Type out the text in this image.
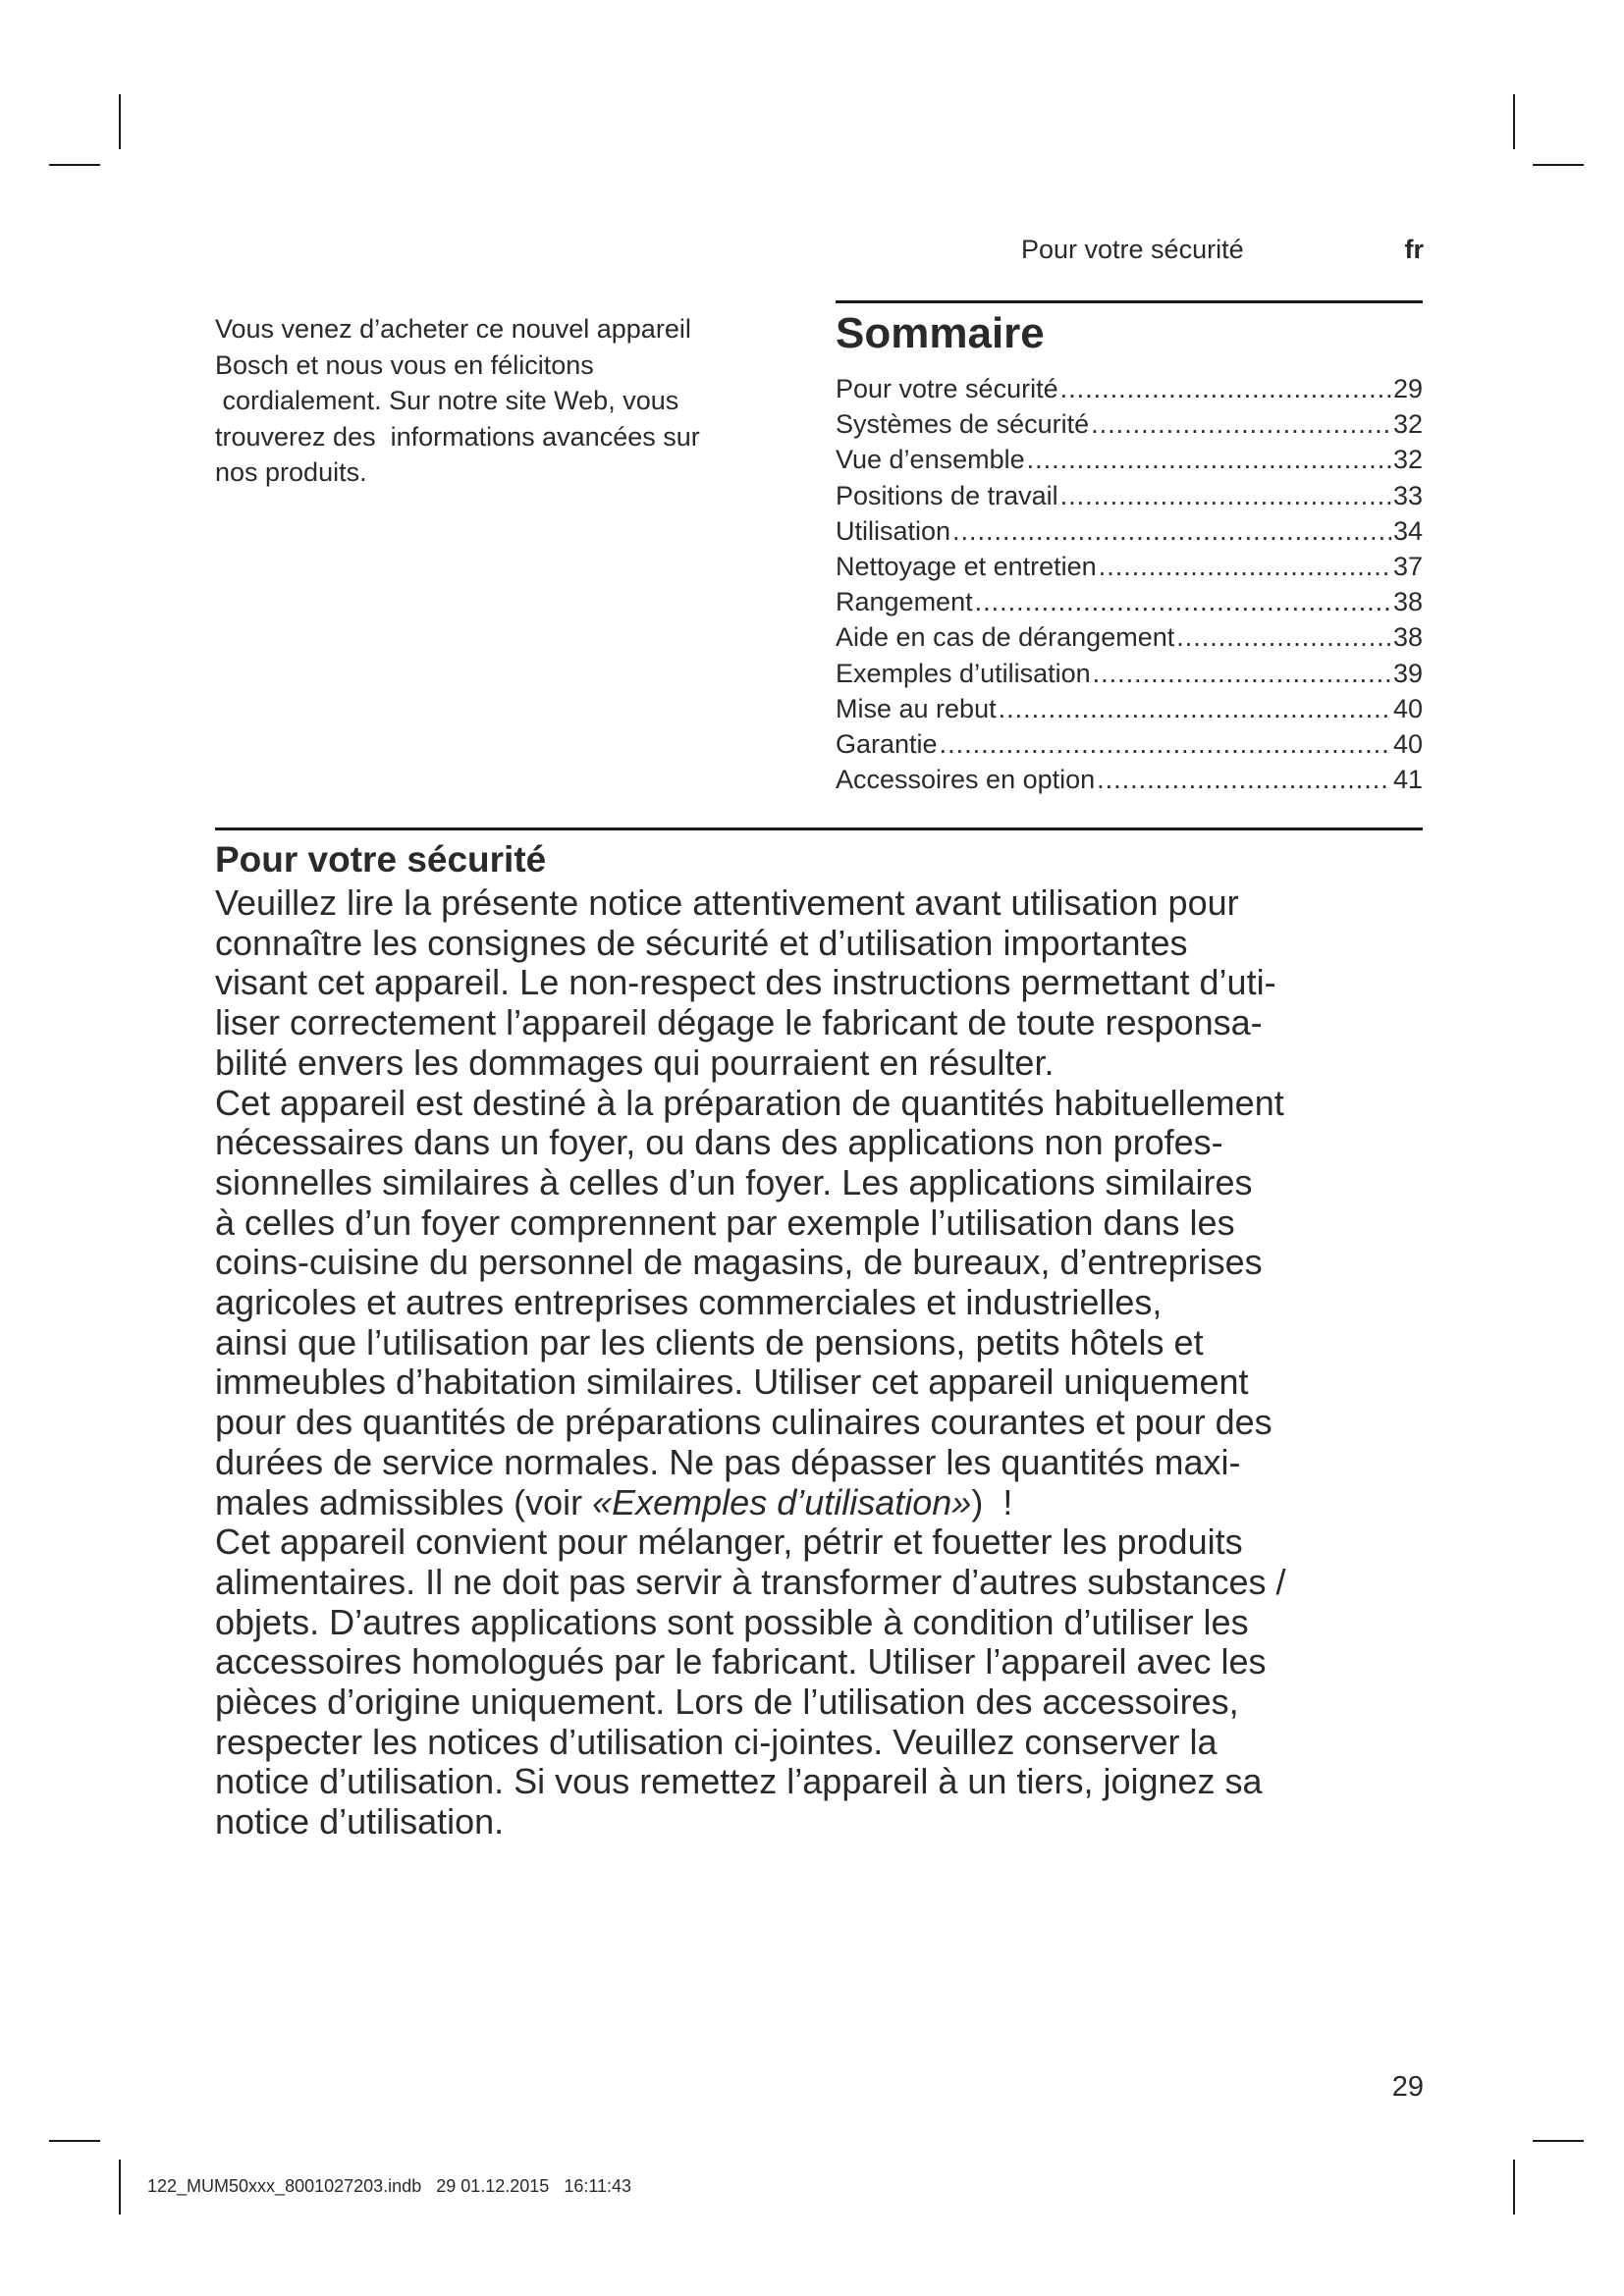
Pour votre sécurité	fr
Vous venez d’acheter ce nouvel appareil
Bosch et nous vous en félicitons
cordialement. Sur notre site Web, vous
trouverez des  informations avancées sur
nos produits.
Sommaire
Pour votre sécurité .....	29
Systèmes de sécurité .....	32
Vue d’ensemble .....	32
Positions de travail .....	33
Utilisation .....	34
Nettoyage et entretien .....	37
Rangement .....	38
Aide en cas de dérangement .....	38
Exemples d’utilisation .....	39
Mise au rebut .....	40
Garantie .....	40
Accessoires en option .....	41
Pour votre sécurité
Veuillez lire la présente notice attentivement avant utilisation pour
connaître les consignes de sécurité et d’utilisation importantes
visant cet appareil. Le non-respect des instructions permettant d’uti-
liser correctement l’appareil dégage le fabricant de toute responsa-
bilité envers les dommages qui pourraient en résulter.
Cet appareil est destiné à la préparation de quantités habituellement
nécessaires dans un foyer, ou dans des applications non profes-
sionnelles similaires à celles d’un foyer. Les applications similaires
à celles d’un foyer comprennent par exemple l’utilisation dans les
coins-cuisine du personnel de magasins, de bureaux, d’entreprises
agricoles et autres entreprises commerciales et industrielles,
ainsi que l’utilisation par les clients de pensions, petits hôtels et
immeubles d’habitation similaires. Utiliser cet appareil uniquement
pour des quantités de préparations culinaires courantes et pour des
durées de service normales. Ne pas dépasser les quantités maxi-
males admissibles (voir «Exemples d’utilisation»)  !
Cet appareil convient pour mélanger, pétrir et fouetter les produits
alimentaires. Il ne doit pas servir à transformer d’autres substances /
objets. D’autres applications sont possible à condition d’utiliser les
accessoires homologués par le fabricant. Utiliser l’appareil avec les
pièces d’origine uniquement. Lors de l’utilisation des accessoires,
respecter les notices d’utilisation ci-jointes. Veuillez conserver la
notice d’utilisation. Si vous remettez l’appareil à un tiers, joignez sa
notice d’utilisation.
29
122_MUM50xxx_8001027203.indb   29 01.12.2015   16:11:43
